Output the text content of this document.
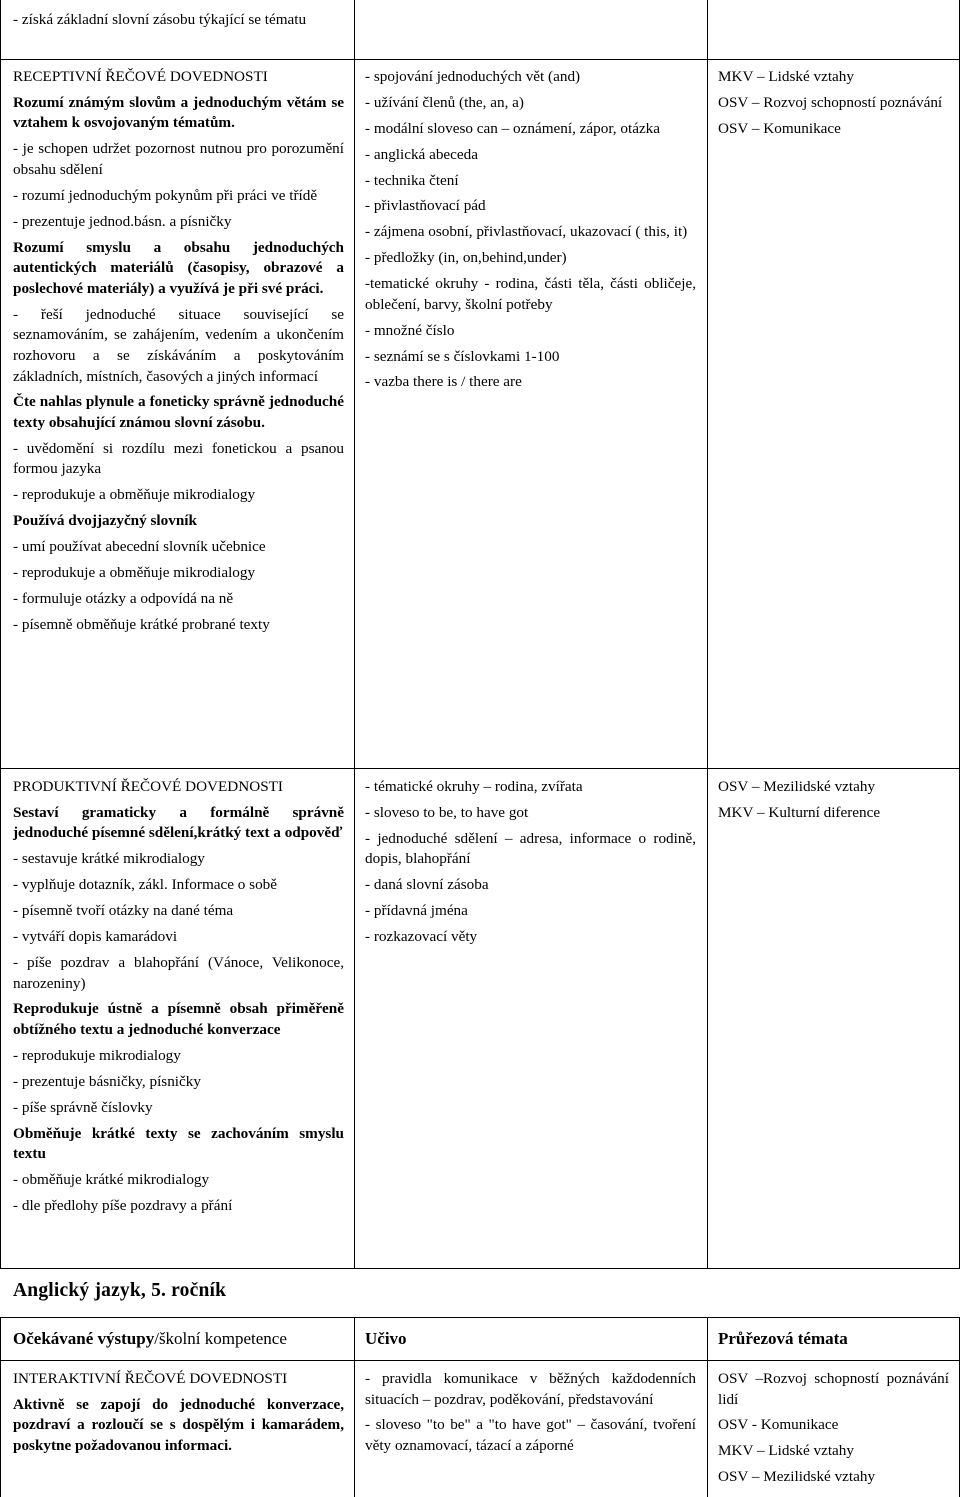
- získá základní slovní zásobu týkající se tématu

RECEPTIVNÍ ŘEČOVÉ DOVEDNOSTI

Rozumí známým slovům a jednoduchým větám se vztahem k osvojovaným tématům.

- je schopen udržet pozornost nutnou pro porozumění obsahu sdělení

- rozumí jednoduchým pokynům při práci ve třídě

- prezentuje jednod.básn. a písničky

Rozumí smyslu a obsahu jednoduchých autentických materiálů (časopisy, obrazové a poslechové materiály) a využívá je při své práci.

- řeší jednoduché situace související se seznamováním, se zahájením, vedením a ukončením rozhovoru a se získáváním a poskytováním základních, místních, časových a jiných informací

Čte nahlas plynule a foneticky správně jednoduché texty obsahující známou slovní zásobu.

- uvědomění si rozdílu mezi fonetickou a psanou formou jazyka

- reprodukuje a obměňuje mikrodialogy

Používá dvojjazyčný slovník

- umí používat abecední slovník učebnice

- reprodukuje a obměňuje mikrodialogy

- formuluje otázky a odpovídá na ně

- písemně obměňuje krátké probrané texty

- spojování jednoduchých vět (and)

- užívání členů (the, an, a)

- modální sloveso can – oznámení, zápor, otázka

- anglická abeceda

- technika čtení

- přivlastňovací pád

- zájmena osobní, přivlastňovací, ukazovací ( this, it)

- předložky (in, on,behind,under)

-tematické okruhy - rodina, části těla, části obličeje, oblečení, barvy, školní potřeby

- množné číslo

- seznámí se s číslovkami 1-100

- vazba there is / there are

MKV – Lidské vztahy

OSV – Rozvoj schopností poznávání

OSV – Komunikace

PRODUKTIVNÍ ŘEČOVÉ DOVEDNOSTI

Sestaví gramaticky a formálně správně jednoduché písemné sdělení,krátký text a odpověď

- sestavuje krátké mikrodialogy

- vyplňuje dotazník, zákl. Informace o sobě

- písemně tvoří otázky na dané téma

- vytváří dopis kamarádovi

- píše pozdrav a blahopřání (Vánoce, Velikonoce, narozeniny)

Reprodukuje ústně a písemně obsah přiměřeně obtížného textu a jednoduché konverzace

- reprodukuje mikrodialogy

- prezentuje básničky, písničky

- píše správně číslovky

Obměňuje krátké texty se zachováním smyslu textu

- obměňuje krátké mikrodialogy

- dle předlohy píše pozdravy a přání

- tématické okruhy – rodina, zvířata

- sloveso to be, to have got

- jednoduché sdělení – adresa, informace o rodině, dopis, blahopřání

- daná slovní zásoba

- přídavná jména

- rozkazovací věty

OSV – Mezilidské vztahy

MKV – Kulturní diference

Anglický jazyk, 5. ročník
Očekávané výstupy/školní kompetence	Učivo	Průřezová témata

INTERAKTIVNÍ ŘEČOVÉ DOVEDNOSTI

Aktivně se zapojí do jednoduché konverzace, pozdraví a rozloučí se s dospělým i kamarádem, poskytne požadovanou informaci.

- pravidla komunikace v běžných každodenních situacích – pozdrav, poděkování, představování

- sloveso "to be" a "to have got" – časování, tvoření věty oznamovací, tázací a záporné

OSV –Rozvoj schopností poznávání lidí

OSV - Komunikace

MKV – Lidské vztahy

OSV – Mezilidské vztahy
